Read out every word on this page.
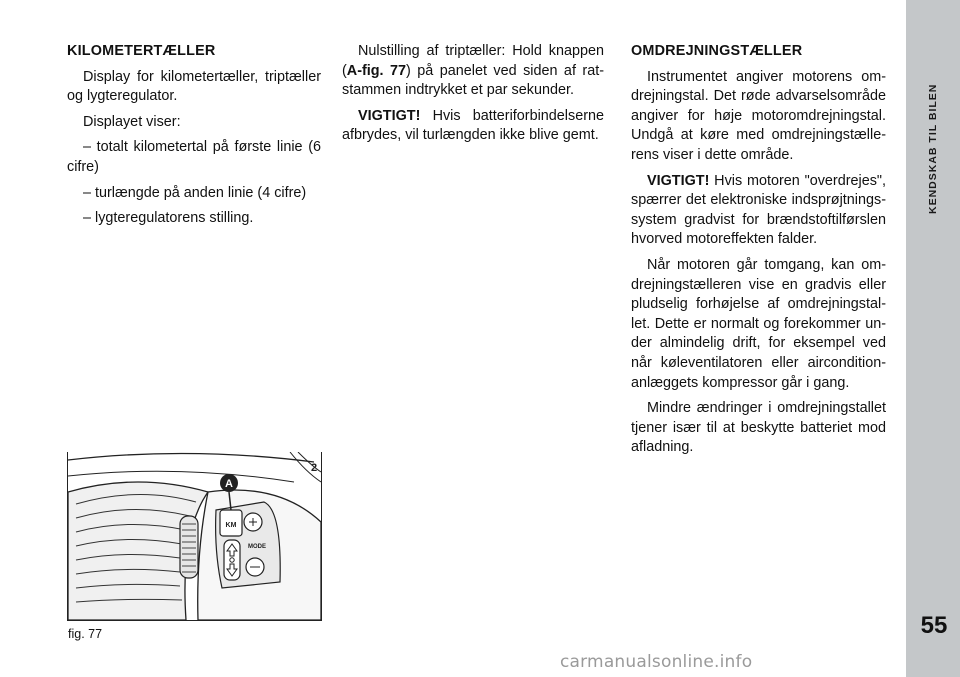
KILOMETERTÆLLER

Display for kilometertæller, triptæller og lygteregulator.

Displayet viser:

– totalt kilometertal på første linie (6 cifre)

– turlængde på anden linie (4 cifre)

– lygteregulatorens stilling.

Nulstilling af triptæller: Hold knappen (A-fig. 77) på panelet ved siden af rat-stammen indtrykket et par sekunder.

VIGTIGT! Hvis batteriforbindelserne afbrydes, vil turlængden ikke blive gemt.

OMDREJNINGSTÆLLER

Instrumentet angiver motorens om-drejningstal. Det røde advarselsområde angiver for høje motoromdrejningstal. Undgå at køre med omdrejningstælle-rens viser i dette område.

VIGTIGT! Hvis motoren "overdrejes", spærrer det elektroniske indsprøjtnings-system gradvist for brændstoftilførslen hvorved motoreffekten falder.

Når motoren går tomgang, kan om-drejningstælleren vise en gradvis eller pludselig forhøjelse af omdrejningstal-let. Dette er normalt og forekommer un-der almindelig drift, for eksempel ved når køleventilatoren eller aircondition-anlæggets kompressor går i gang.

Mindre ændringer i omdrejningstallet tjener især til at beskytte batteriet mod afladning.

KM
MODE
A
2
fig. 77
KENDSKAB TIL BILEN
55
carmanualsonline.info
